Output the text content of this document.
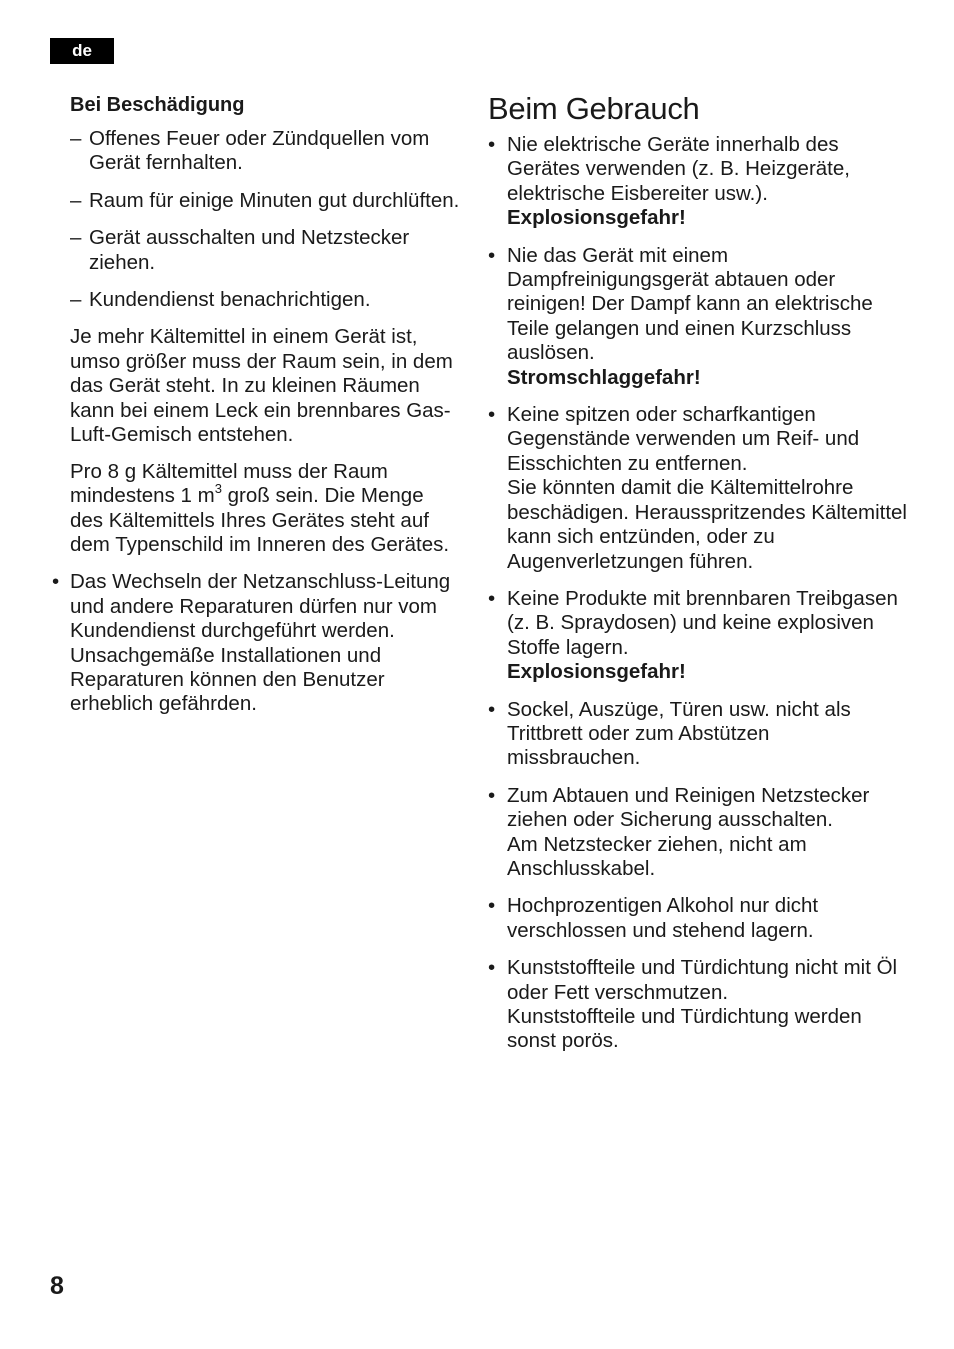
de
Bei Beschädigung
– Offenes Feuer oder Zündquellen vom Gerät fernhalten.
– Raum für einige Minuten gut durchlüften.
– Gerät ausschalten und Netzstecker ziehen.
– Kundendienst benachrichtigen.

Je mehr Kältemittel in einem Gerät ist, umso größer muss der Raum sein, in dem das Gerät steht. In zu kleinen Räumen kann bei einem Leck ein brennbares Gas-Luft-Gemisch entstehen.

Pro 8 g Kältemittel muss der Raum mindestens 1 $m^3$ groß sein. Die Menge des Kältemittels Ihres Gerätes steht auf dem Typenschild im Inneren des Gerätes.

• Das Wechseln der Netzanschluss-Leitung und andere Reparaturen dürfen nur vom Kundendienst durchgeführt werden. Unsachgemäße Installationen und Reparaturen können den Benutzer erheblich gefährden.
Beim Gebrauch
• Nie elektrische Geräte innerhalb des Gerätes verwenden (z. B. Heizgeräte, elektrische Eisbereiter usw.).
Explosionsgefahr!
• Nie das Gerät mit einem Dampfreinigungsgerät abtauen oder reinigen! Der Dampf kann an elektrische Teile gelangen und einen Kurzschluss auslösen.
Stromschlaggefahr!
• Keine spitzen oder scharfkantigen Gegenstände verwenden um Reif- und Eisschichten zu entfernen.
Sie könnten damit die Kältemittelrohre beschädigen. Herausspritzendes Kältemittel kann sich entzünden, oder zu Augenverletzungen führen.
• Keine Produkte mit brennbaren Treibgasen (z. B. Spraydosen) und keine explosiven Stoffe lagern.
Explosionsgefahr!
• Sockel, Auszüge, Türen usw. nicht als Trittbrett oder zum Abstützen missbrauchen.
• Zum Abtauen und Reinigen Netzstecker ziehen oder Sicherung ausschalten.
Am Netzstecker ziehen, nicht am Anschlusskabel.
• Hochprozentigen Alkohol nur dicht verschlossen und stehend lagern.
• Kunststoffteile und Türdichtung nicht mit Öl oder Fett verschmutzen.
Kunststoffteile und Türdichtung werden sonst porös.
8
